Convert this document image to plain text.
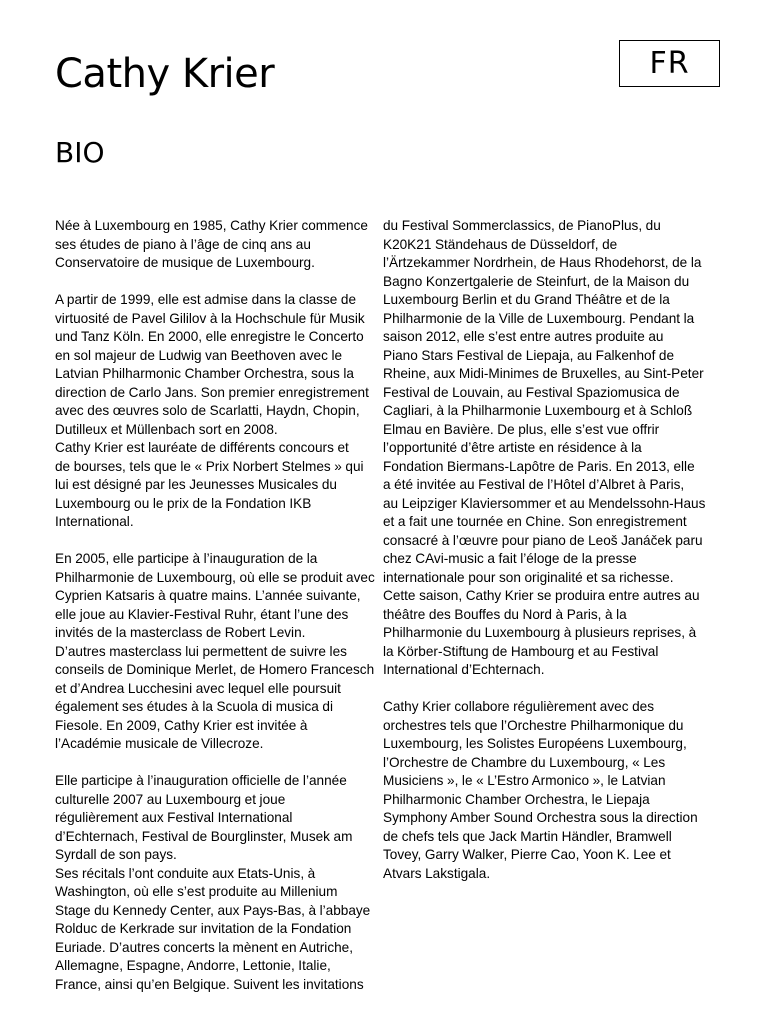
Cathy Krier	FR
BIO

Née à Luxembourg en 1985, Cathy Krier commence
ses études de piano à l’âge de cinq ans au
Conservatoire de musique de Luxembourg.

A partir de 1999, elle est admise dans la classe de
virtuosité de Pavel Gililov à la Hochschule für Musik
und Tanz Köln. En 2000, elle enregistre le Concerto
en sol majeur de Ludwig van Beethoven avec le
Latvian Philharmonic Chamber Orchestra, sous la
direction de Carlo Jans. Son premier enregistrement
avec des œuvres solo de Scarlatti, Haydn, Chopin,
Dutilleux et Müllenbach sort en 2008.
Cathy Krier est lauréate de différents concours et
de bourses, tels que le « Prix Norbert Stelmes » qui
lui est désigné par les Jeunesses Musicales du
Luxembourg ou le prix de la Fondation IKB
International.

En 2005, elle participe à l’inauguration de la
Philharmonie de Luxembourg, où elle se produit avec
Cyprien Katsaris à quatre mains. L’année suivante,
elle joue au Klavier-Festival Ruhr, étant l’une des
invités de la masterclass de Robert Levin.
D’autres masterclass lui permettent de suivre les
conseils de Dominique Merlet, de Homero Francesch
et d’Andrea Lucchesini avec lequel elle poursuit
également ses études à la Scuola di musica di
Fiesole. En 2009, Cathy Krier est invitée à
l’Académie musicale de Villecroze.

Elle participe à l’inauguration officielle de l’année
culturelle 2007 au Luxembourg et joue
régulièrement aux Festival International
d’Echternach, Festival de Bourglinster, Musek am
Syrdall de son pays.
Ses récitals l’ont conduite aux Etats-Unis, à
Washington, où elle s’est produite au Millenium
Stage du Kennedy Center, aux Pays-Bas, à l’abbaye
Rolduc de Kerkrade sur invitation de la Fondation
Euriade. D’autres concerts la mènent en Autriche,
Allemagne, Espagne, Andorre, Lettonie, Italie,
France, ainsi qu’en Belgique. Suivent les invitations

du Festival Sommerclassics, de PianoPlus, du
K20K21 Ständehaus de Düsseldorf, de
l’Ärtzekammer Nordrhein, de Haus Rhodehorst, de la
Bagno Konzertgalerie de Steinfurt, de la Maison du
Luxembourg Berlin et du Grand Théâtre et de la
Philharmonie de la Ville de Luxembourg. Pendant la
saison 2012, elle s’est entre autres produite au
Piano Stars Festival de Liepaja, au Falkenhof de
Rheine, aux Midi-Minimes de Bruxelles, au Sint-Peter
Festival de Louvain, au Festival Spaziomusica de
Cagliari, à la Philharmonie Luxembourg et à Schloß
Elmau en Bavière. De plus, elle s’est vue offrir
l’opportunité d’être artiste en résidence à la
Fondation Biermans-Lapôtre de Paris. En 2013, elle
a été invitée au Festival de l’Hôtel d’Albret à Paris,
au Leipziger Klaviersommer et au Mendelssohn-Haus
et a fait une tournée en Chine. Son enregistrement
consacré à l’œuvre pour piano de Leoš Janáček paru
chez CAvi-music a fait l’éloge de la presse
internationale pour son originalité et sa richesse.
Cette saison, Cathy Krier se produira entre autres au
théâtre des Bouffes du Nord à Paris, à la
Philharmonie du Luxembourg à plusieurs reprises, à
la Körber-Stiftung de Hambourg et au Festival
International d’Echternach.

Cathy Krier collabore régulièrement avec des
orchestres tels que l’Orchestre Philharmonique du
Luxembourg, les Solistes Européens Luxembourg,
l’Orchestre de Chambre du Luxembourg, « Les
Musiciens », le « L’Estro Armonico », le Latvian
Philharmonic Chamber Orchestra, le Liepaja
Symphony Amber Sound Orchestra sous la direction
de chefs tels que Jack Martin Händler, Bramwell
Tovey, Garry Walker, Pierre Cao, Yoon K. Lee et
Atvars Lakstigala.
